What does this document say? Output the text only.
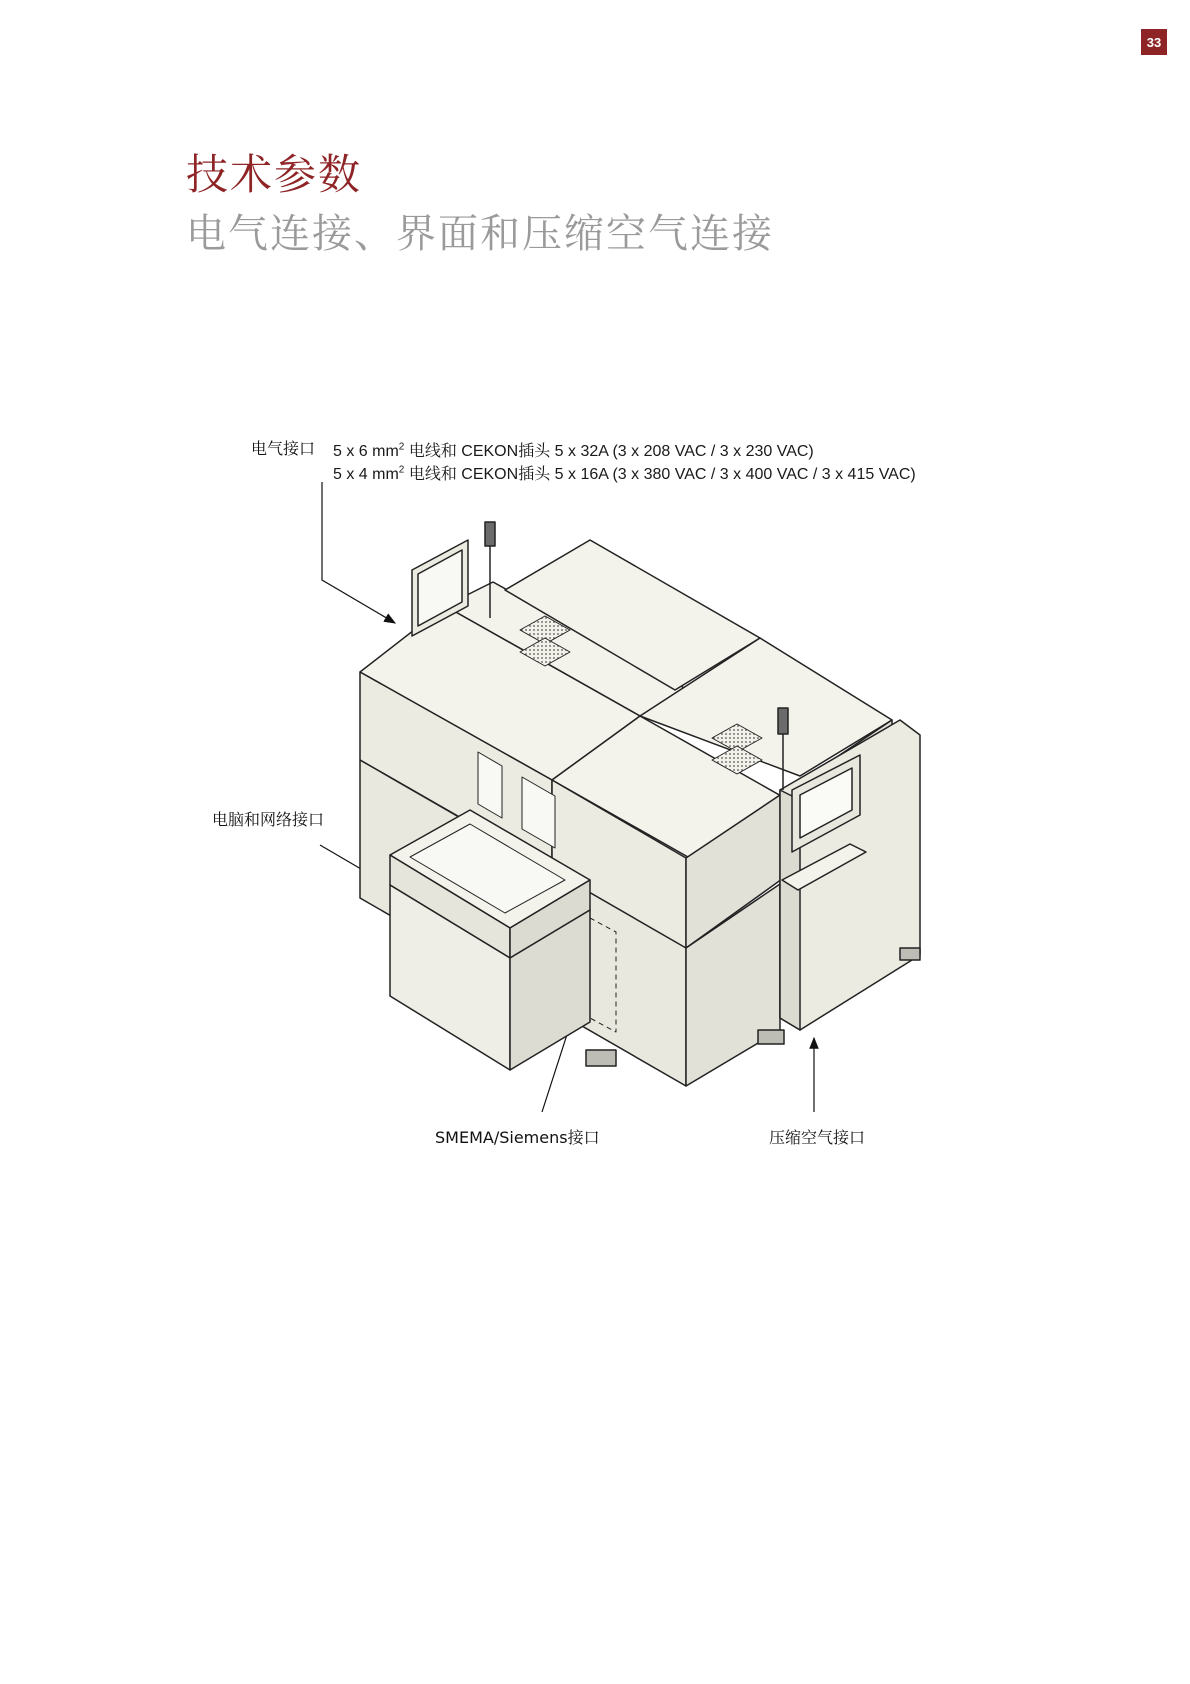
33
技术参数
电气连接、界面和压缩空气连接
电气接口 5 x 6 $mm^2$ 电线和 CEKON插头 5 x 32A (3 x 208 VAC / 3 x 230 VAC)
5 x 4 $mm^2$ 电线和 CEKON插头 5 x 16A (3 x 380 VAC / 3 x 400 VAC / 3 x 415 VAC)
电脑和网络接口
SMEMA/Siemens接口	压缩空气接口
